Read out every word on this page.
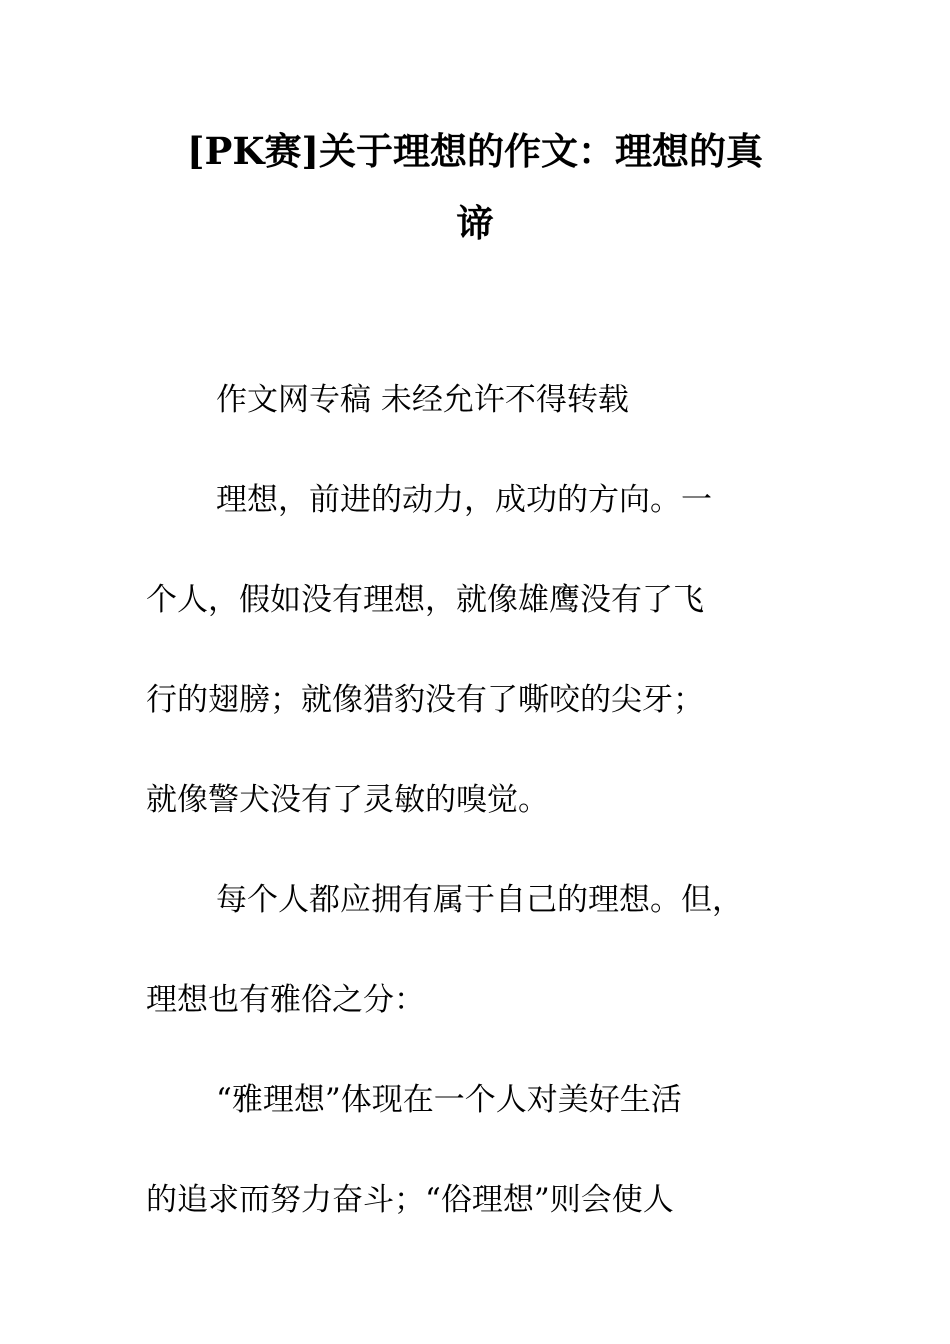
[PK赛]关于理想的作文：理想的真
谛

作文网专稿 未经允许不得转载

理想，前进的动力，成功的方向。一

个人，假如没有理想，就像雄鹰没有了飞

行的翅膀；就像猎豹没有了嘶咬的尖牙；

就像警犬没有了灵敏的嗅觉。

每个人都应拥有属于自己的理想。但，

理想也有雅俗之分：

“雅理想”体现在一个人对美好生活

的追求而努力奋斗；“俗理想”则会使人
